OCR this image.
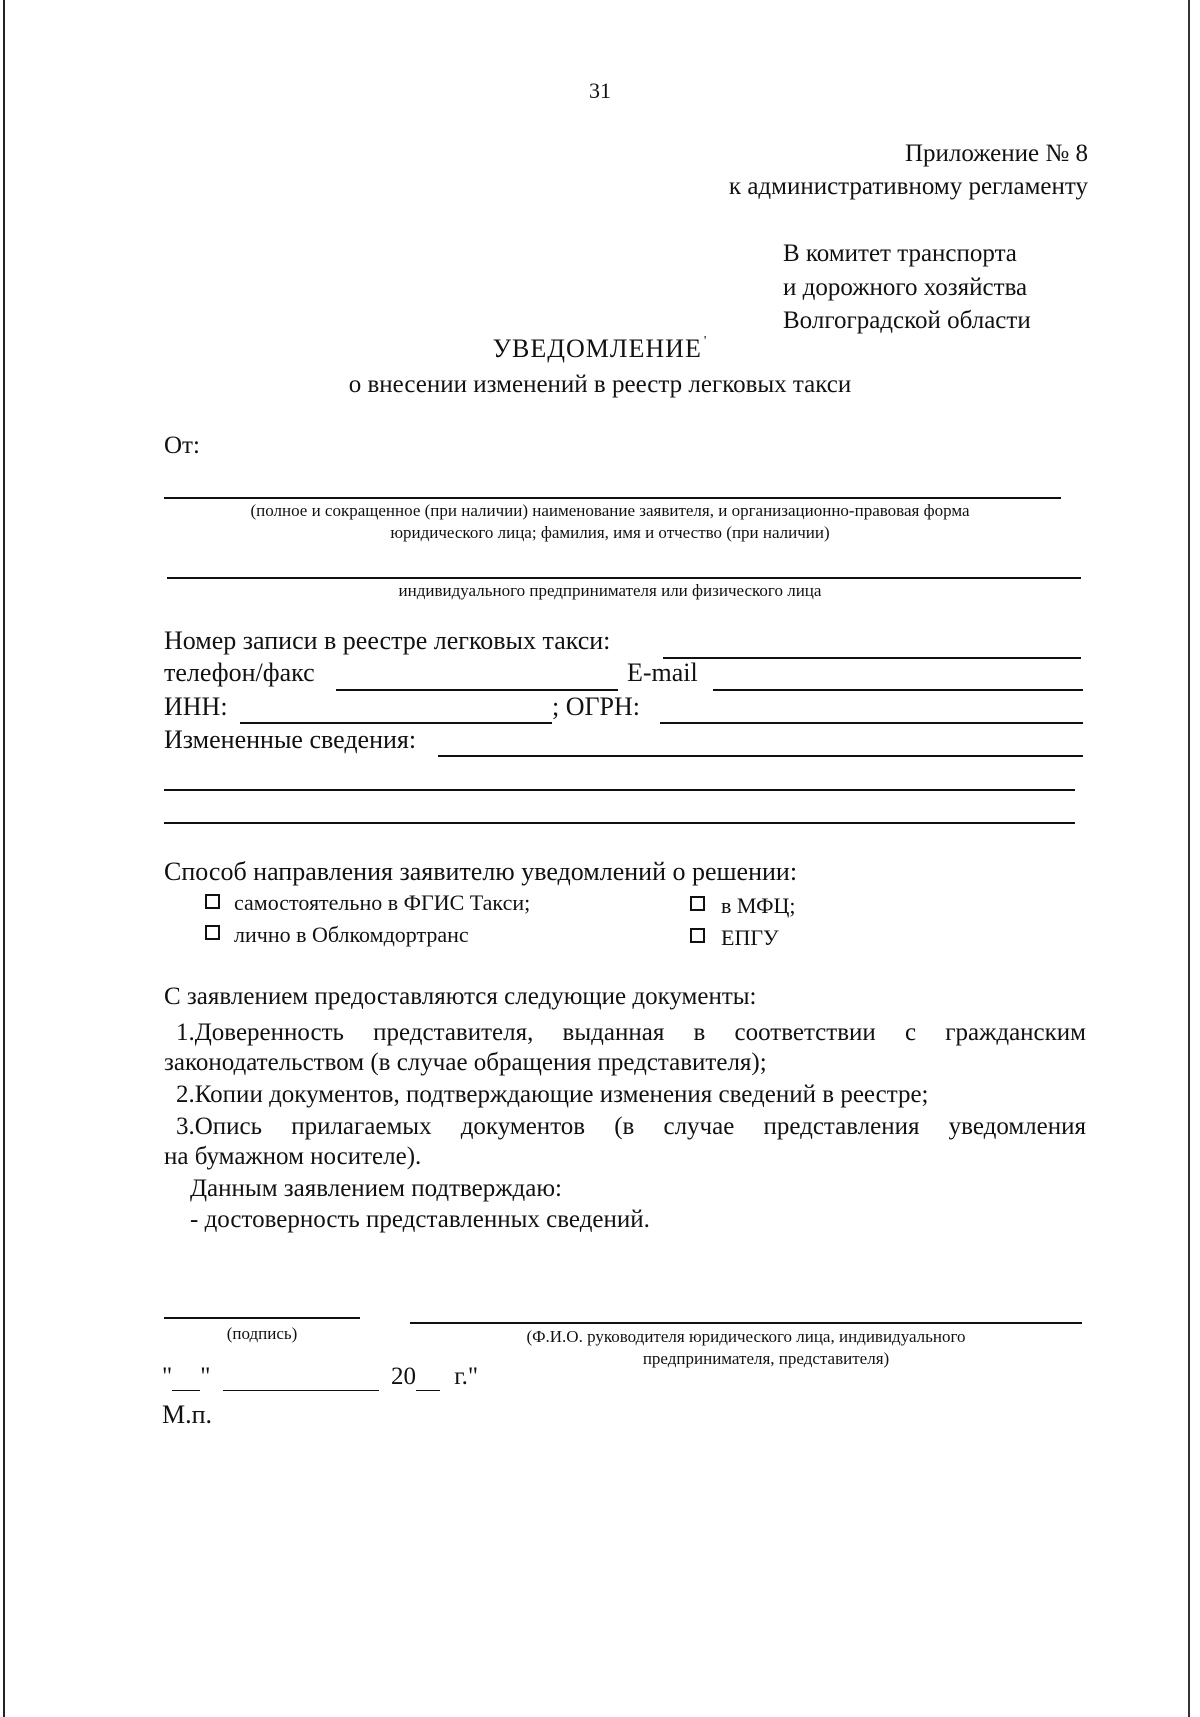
31
Приложение № 8
к административному регламенту
В комитет транспорта
и дорожного хозяйства
Волгоградской области
УВЕДОМЛЕНИЕ '
о внесении изменений в реестр легковых такси
От:
(полное и сокращенное (при наличии) наименование заявителя, и организационно-правовая форма
юридического лица; фамилия, имя и отчество (при наличии)
индивидуального предпринимателя или физического лица
Номер записи в реестре легковых такси:
телефон/факс	E-mail
ИНН:	; ОГРН:
Измененные сведения:
Способ направления заявителю уведомлений о решении:
самостоятельно в ФГИС Такси;
лично в Облкомдортранс
в МФЦ;
ЕПГУ
С заявлением предоставляются следующие документы:
1.Доверенность представителя, выданная в соответствии с гражданским
законодательством (в случае обращения представителя);
2.Копии документов, подтверждающие изменения сведений в реестре;
3.Опись прилагаемых документов (в случае представления уведомления
на бумажном носителе).
Данным заявлением подтверждаю:
- достоверность представленных сведений.
(подпись)	(Ф.И.О. руководителя юридического лица, индивидуального
предпринимателя, представителя)
" "	20 г."
М.п.
